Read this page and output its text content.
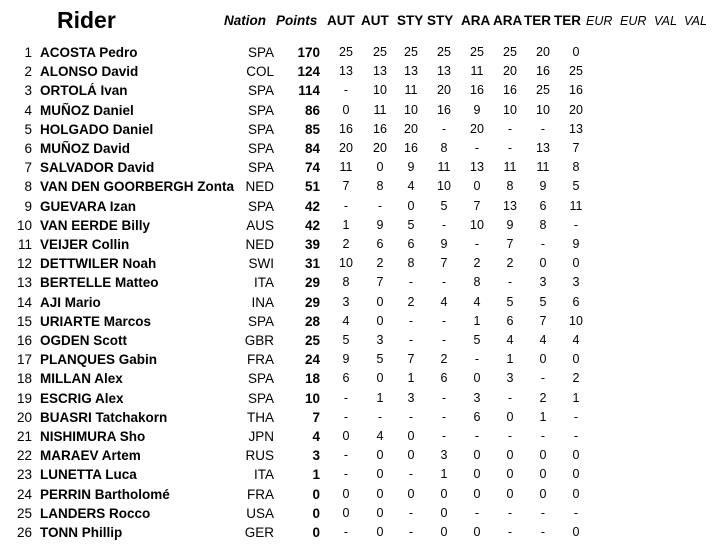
Rider	Nation Points AUT AUT STY STY ARA ARA TER TER EUR EUR VAL VAL
1 ACOSTA Pedro	SPA	170	25	25	25	25	25	25	20	0
2 ALONSO David	COL	124	13	13	13	13	11	20	16	25
3 ORTOLÁ Ivan	SPA	114	-	10	11	20	16	16	25	16
4 MUÑOZ Daniel	SPA	86	0	11	10	16	9	10	10	20
5 HOLGADO Daniel	SPA	85	16	16	20	-	20	-	-	13
6 MUÑOZ David	SPA	84	20	20	16	8	-	-	13	7
7 SALVADOR David	SPA	74	11	0	9	11	13	11	11	8
8 VAN DEN GOORBERGH Zonta NED	51	7	8	4	10	0	8	9	5
9 GUEVARA Izan	SPA	42	-	-	0	5	7	13	6	11
10 VAN EERDE Billy	AUS	42	1	9	5	-	10	9	8	-
11 VEIJER Collin	NED	39	2	6	6	9	-	7	-	9
12 DETTWILER Noah	SWI	31	10	2	8	7	2	2	0	0
13 BERTELLE Matteo	ITA	29	8	7	-	-	8	-	3	3
14 AJI Mario	INA	29	3	0	2	4	4	5	5	6
15 URIARTE Marcos	SPA	28	4	0	-	-	1	6	7	10
16 OGDEN Scott	GBR	25	5	3	-	-	5	4	4	4
17 PLANQUES Gabin	FRA	24	9	5	7	2	-	1	0	0
18 MILLAN Alex	SPA	18	6	0	1	6	0	3	-	2
19 ESCRIG Alex	SPA	10	-	1	3	-	3	-	2	1
20 BUASRI Tatchakorn	THA	7	-	-	-	-	6	0	1	-
21 NISHIMURA Sho	JPN	4	0	4	0	-	-	-	-	-
22 MARAEV Artem	RUS	3	-	0	0	3	0	0	0	0
23 LUNETTA Luca	ITA	1	-	0	-	1	0	0	0	0
24 PERRIN Bartholomé	FRA	0	0	0	0	0	0	0	0	0
25 LANDERS Rocco	USA	0	0	0	-	0	-	-	-	-
26 TONN Phillip	GER	0	-	0	-	0	0	-	-	0
